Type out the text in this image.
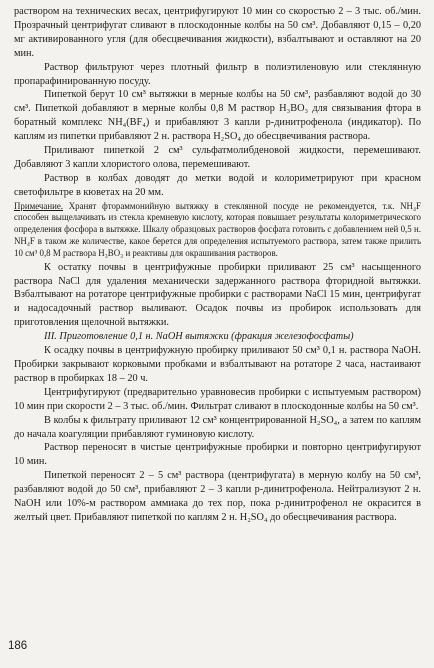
раствором на технических весах, центрифугируют 10 мин со скоростью 2 – 3 тыс. об./мин. Прозрачный центрифугат сливают в плоскодонные колбы на 50 см³. Добавляют 0,15 – 0,20 мг активированного угля (для обесцвечивания жидкости), взбалтывают и оставляют на 20 мин.

Раствор фильтруют через плотный фильтр в полиэтиленовую или стеклянную пропарафинированную посуду.

Пипеткой берут 10 см³ вытяжки в мерные колбы на 50 см³, разбавляют водой до 30 см³. Пипеткой добавляют в мерные колбы 0,8 М раствор H₃BO₃ для связывания фтора в боратный комплекс NH₄(BF₄) и прибавляют 3 капли p-динитрофенола (индикатор). По каплям из пипетки прибавляют 2 н. раствора H₂SO₄ до обесцвечивания раствора.

Приливают пипеткой 2 см³ сульфатмолибденовой жидкости, перемешивают. Добавляют 3 капли хлористого олова, перемешивают.

Раствор в колбах доводят до метки водой и колориметрируют при красном светофильтре в кюветах на 20 мм.

Примечание. Хранят фтораммонийную вытяжку в стеклянной посуде не рекомендуется, т.к. NH₄F способен выщелачивать из стекла кремневую кислоту, которая повышает результаты колориметрического определения фосфора в вытяжке. Шкалу образцовых растворов фосфата готовить с добавлением ней 0,5 н. NH₄F в таком же количестве, какое берется для определения испытуемого раствора, затем также прилить 10 см³ 0,8 М раствора H₃BO₃ и реактивы для окрашивания растворов.

К остатку почвы в центрифужные пробирки приливают 25 см³ насыщенного раствора NaCl для удаления механически задержанного раствора фторидной вытяжки. Взбалтывают на ротаторе центрифужные пробирки с растворами NaCl 15 мин, центрифугат и надосадочный раствор выливают. Осадок почвы из пробирок использовать для приготовления щелочной вытяжки.

III. Приготовление 0,1 н. NaOH вытяжки (фракция железофосфаты)

К осадку почвы в центрифужную пробирку приливают 50 см³ 0,1 н. раствора NaOH. Пробирки закрывают корковыми пробками и взбалтывают на ротаторе 2 часа, настаивают раствор в пробирках 18 – 20 ч.

Центрифугируют (предварительно уравновесив пробирки с испытуемым раствором) 10 мин при скорости 2 – 3 тыс. об./мин. Фильтрат сливают в плоскодонные колбы на 50 см³.

В колбы к фильтрату приливают 12 см³ концентрированной H₂SO₄, а затем по каплям до начала коагуляции прибавляют гуминовую кислоту.

Раствор переносят в чистые центрифужные пробирки и повторно центрифугируют 10 мин.

Пипеткой переносят 2 – 5 см³ раствора (центрифугата) в мерную колбу на 50 см³, разбавляют водой до 50 см³, прибавляют 2 – 3 капли p-динитрофенола. Нейтрализуют 2 н. NaOH или 10%-м раствором аммиака до тех пор, пока p-динитрофенол не окрасится в желтый цвет. Прибавляют пипеткой по каплям 2 н. H₂SO₄ до обесцвечивания раствора.

186
